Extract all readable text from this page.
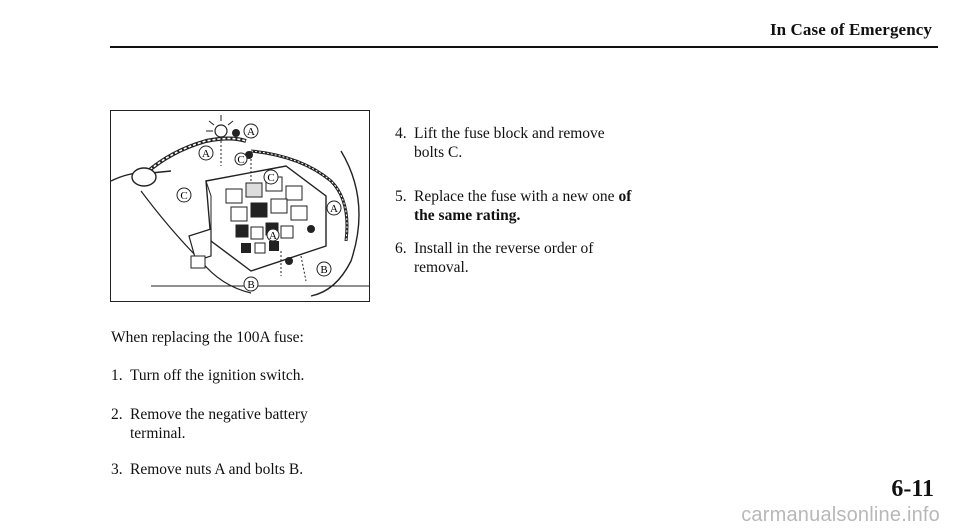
In Case of Emergency
A
A C
C
C
A
A
B
B
When replacing the 100A fuse:
1. Turn off the ignition switch.
2. Remove the negative battery
terminal.
3. Remove nuts A and bolts B.
4. Lift the fuse block and remove
bolts C.
5. Replace the fuse with a new one of
the same rating.
6. Install in the reverse order of
removal.
6-11
carmanualsonline.info
